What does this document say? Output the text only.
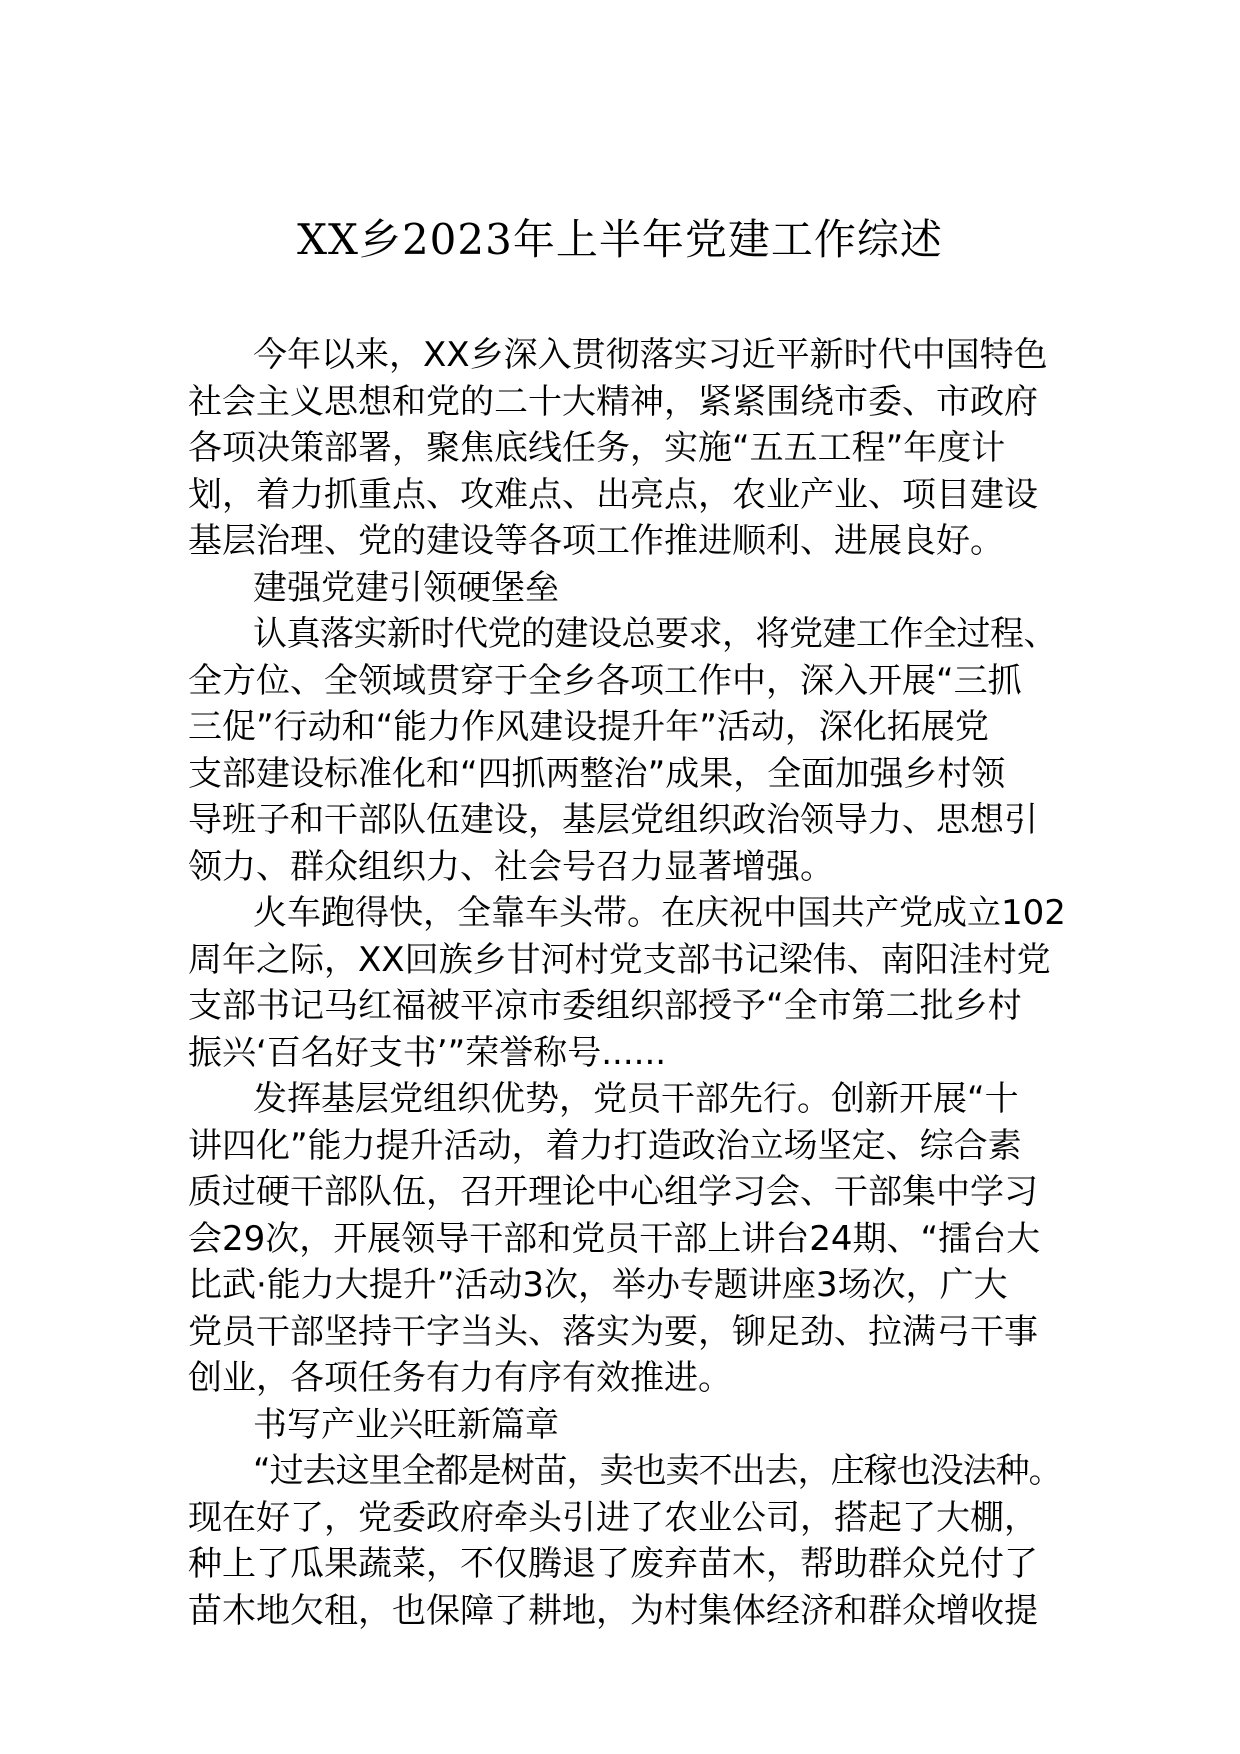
XX乡2023年上半年党建工作综述
今年以来，XX乡深入贯彻落实习近平新时代中国特色
社会主义思想和党的二十大精神，紧紧围绕市委、市政府
各项决策部署，聚焦底线任务，实施“五五工程”年度计
划，着力抓重点、攻难点、出亮点，农业产业、项目建设
基层治理、党的建设等各项工作推进顺利、进展良好。
建强党建引领硬堡垒
认真落实新时代党的建设总要求，将党建工作全过程、
全方位、全领域贯穿于全乡各项工作中，深入开展“三抓
三促”行动和“能力作风建设提升年”活动，深化拓展党
支部建设标准化和“四抓两整治”成果，全面加强乡村领
导班子和干部队伍建设，基层党组织政治领导力、思想引
领力、群众组织力、社会号召力显著增强。
火车跑得快，全靠车头带。在庆祝中国共产党成立102
周年之际，XX回族乡甘河村党支部书记梁伟、南阳洼村党
支部书记马红福被平凉市委组织部授予“全市第二批乡村
振兴‘百名好支书’”荣誉称号......
发挥基层党组织优势，党员干部先行。创新开展“十
讲四化”能力提升活动，着力打造政治立场坚定、综合素
质过硬干部队伍，召开理论中心组学习会、干部集中学习
会29次，开展领导干部和党员干部上讲台24期、“擂台大
比武·能力大提升”活动3次，举办专题讲座3场次，广大
党员干部坚持干字当头、落实为要，铆足劲、拉满弓干事
创业，各项任务有力有序有效推进。
书写产业兴旺新篇章
“过去这里全都是树苗，卖也卖不出去，庄稼也没法种。
现在好了，党委政府牵头引进了农业公司，搭起了大棚，
种上了瓜果蔬菜，不仅腾退了废弃苗木，帮助群众兑付了
苗木地欠租，也保障了耕地，为村集体经济和群众增收提
